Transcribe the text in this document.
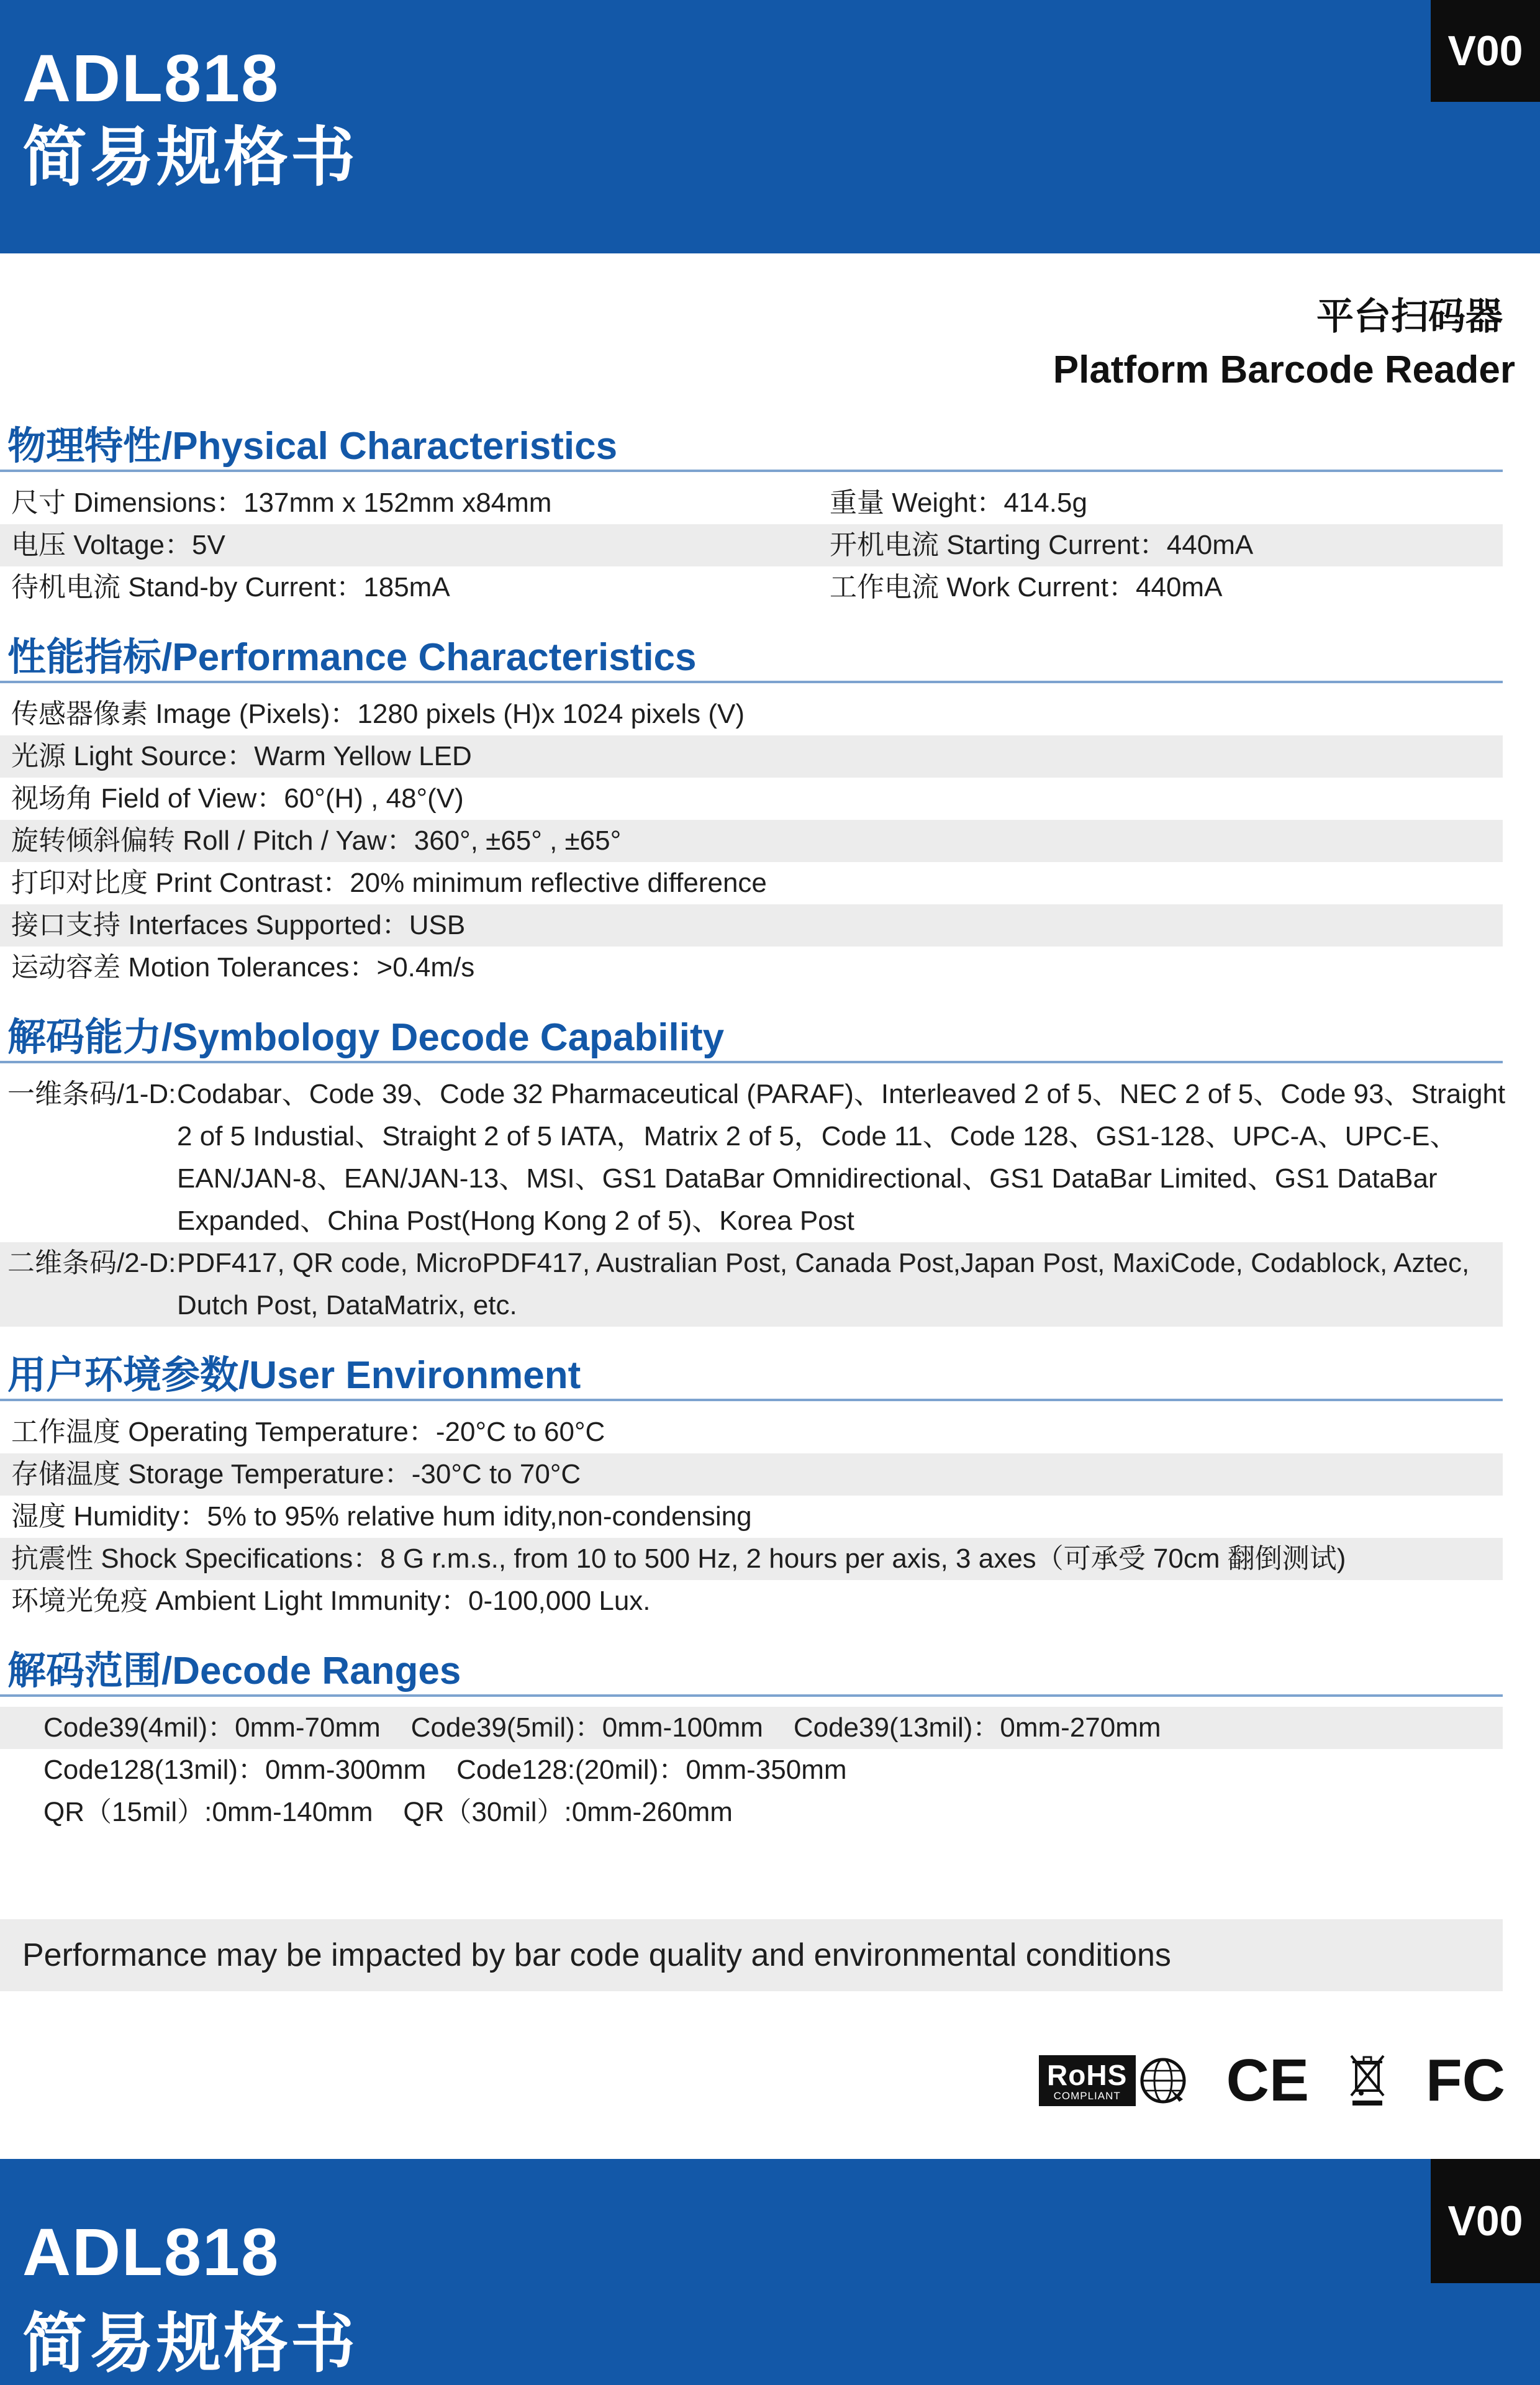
ADL818
简易规格书
V00
平台扫码器
Platform Barcode Reader
物理特性/Physical Characteristics
尺寸 Dimensions：137mm x 152mm x84mm	重量 Weight：414.5g
电压 Voltage：5V	开机电流 Starting Current：440mA
待机电流 Stand-by Current：185mA	工作电流 Work Current：440mA
性能指标/Performance Characteristics
传感器像素 Image (Pixels)：1280 pixels (H)x 1024 pixels (V)
光源 Light Source：Warm Yellow LED
视场角 Field of View：60°(H) , 48°(V)
旋转倾斜偏转 Roll / Pitch / Yaw：360°, ±65° , ±65°
打印对比度 Print Contrast：20% minimum reflective difference
接口支持 Interfaces Supported：USB
运动容差 Motion Tolerances：>0.4m/s
解码能力/Symbology Decode Capability
一维条码/1-D: Codabar、Code 39、Code 32 Pharmaceutical (PARAF)、Interleaved 2 of 5、NEC 2 of 5、Code 93、Straight
2 of 5 Industial、Straight 2 of 5 IATA，Matrix 2 of 5，Code 11、Code 128、GS1-128、UPC-A、UPC-E、
EAN/JAN-8、EAN/JAN-13、MSI、GS1 DataBar Omnidirectional、GS1 DataBar Limited、GS1 DataBar
Expanded、China Post(Hong Kong 2 of 5)、Korea Post
二维条码/2-D: PDF417, QR code, MicroPDF417, Australian Post, Canada Post,Japan Post, MaxiCode, Codablock, Aztec,
Dutch Post, DataMatrix, etc.
用户环境参数/User Environment
工作温度 Operating Temperature：-20°C to 60°C
存储温度 Storage Temperature：-30°C to 70°C
湿度 Humidity：5% to 95% relative hum idity,non-condensing
抗震性 Shock Specifications：8 G r.m.s., from 10 to 500 Hz, 2 hours per axis, 3 axes（可承受 70cm 翻倒测试)
环境光免疫 Ambient Light Immunity：0-100,000 Lux.
解码范围/Decode Ranges
Code39(4mil)：0mm-70mm    Code39(5mil)：0mm-100mm    Code39(13mil)：0mm-270mm
Code128(13mil)：0mm-300mm    Code128:(20mil)：0mm-350mm
QR（15mil）:0mm-140mm    QR（30mil）:0mm-260mm
Performance may be impacted by bar code quality and environmental conditions
RoHS
COMPLIANT CE FC
ADL818
简易规格书
V00
